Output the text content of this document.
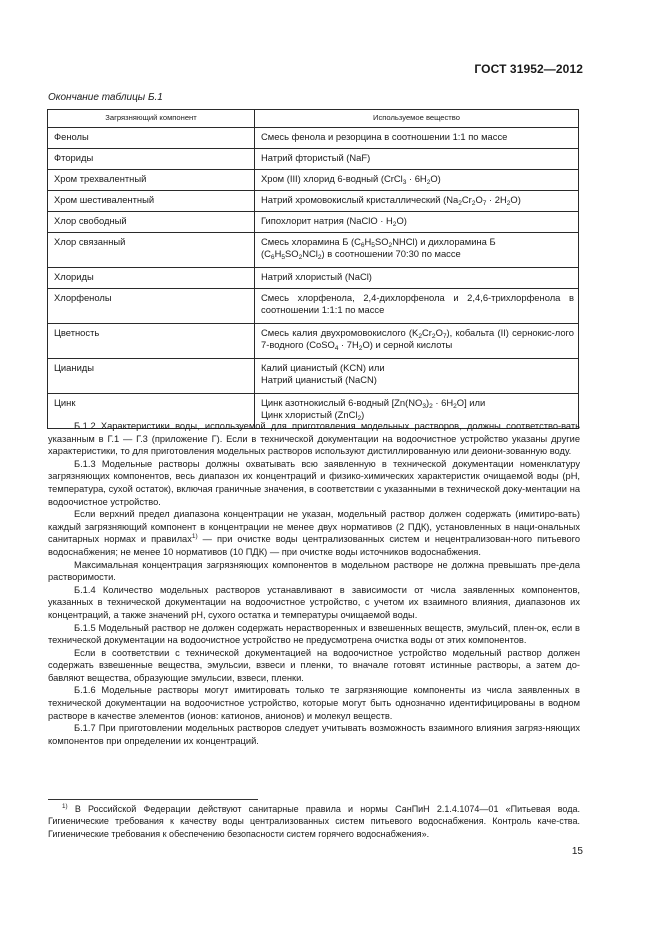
ГОСТ 31952—2012
Окончание таблицы Б.1
Загрязняющий компонент	Используемое вещество
Фенолы	Смесь фенола и резорцина в соотношении 1:1 по массе
Фториды	Натрий фтористый (NaF)
Хром трехвалентный	Хром (III) хлорид 6-водный (CrCl$_3$ · $6H_2O$)
Хром шестивалентный	Натрий хромовокислый кристаллический $(Na_2Cr_2O_7 \cdot 2H_2O)$
Хлор свободный	Гипохлорит натрия (NaClO · $H_2O$)
Хлор связанный	Смесь хлорамина Б $(C_6H_5SO_2NHCl)$ и дихлорамина Б
$(C_6H_5SO_2NCl_2)$ в соотношении 70:30 по массе
Хлориды	Натрий хлористый (NaCl)
Хлорфенолы	Смесь хлорфенола, 2,4-дихлорфенола и 2,4,6-трихлорфенола в соотношении 1:1:1 по массе
Цветность	Смесь калия двухромовокислого $(K_2Cr_2O_7)$, кобальта (II) сернокис-лого 7-водного (CoSO$_4$ · $7H_2O$) и серной кислоты
Цианиды	Калий цианистый (KCN) или
Натрий цианистый (NaCN)
Цинк	Цинк азотнокислый 6-водный $[Zn(NO_3)_2 \cdot 6H_2O]$ или
Цинк хлористый (ZnCl$_2$)

Б.1.2 Характеристики воды, используемой для приготовления модельных растворов, должны соответство-вать указанным в Г.1 — Г.3 (приложение Г). Если в технической документации на водоочистное устройство указаны другие характеристики, то для приготовления модельных растворов используют дистиллированную или деиони-зованную воду.

Б.1.3 Модельные растворы должны охватывать всю заявленную в технической документации номенклатуру загрязняющих компонентов, весь диапазон их концентраций и физико-химических характеристик очищаемой воды (рН, температура, сухой остаток), включая граничные значения, в соответствии с указанными в технической доку-ментации на водоочистное устройство.

Если верхний предел диапазона концентрации не указан, модельный раствор должен содержать (имитиро-вать) каждый загрязняющий компонент в концентрации не менее двух нормативов (2 ПДК), установленных в наци-ональных санитарных нормах и правилах$^{1)}$ — при очистке воды централизованных систем и нецентрализован-ного питьевого водоснабжения; не менее 10 нормативов (10 ПДК) — при очистке воды источников водоснабжения.

Максимальная концентрация загрязняющих компонентов в модельном растворе не должна превышать пре-дела растворимости.

Б.1.4 Количество модельных растворов устанавливают в зависимости от числа заявленных компонентов, указанных в технической документации на водоочистное устройство, с учетом их взаимного влияния, диапазонов их концентраций, а также значений рН, сухого остатка и температуры очищаемой воды.

Б.1.5 Модельный раствор не должен содержать нерастворенных и взвешенных веществ, эмульсий, плен-ок, если в технической документации на водоочистное устройство не предусмотрена очистка воды от этих компонентов.

Если в соответствии с технической документацией на водоочистное устройство модельный раствор должен содержать взвешенные вещества, эмульсии, взвеси и пленки, то вначале готовят истинные растворы, а затем до-бавляют вещества, образующие эмульсии, взвеси, пленки.

Б.1.6 Модельные растворы могут имитировать только те загрязняющие компоненты из числа заявленных в технической документации на водоочистное устройство, которые могут быть однозначно идентифицированы в водном растворе в качестве элементов (ионов: катионов, анионов) и молекул веществ.

Б.1.7 При приготовлении модельных растворов следует учитывать возможность взаимного влияния загряз-няющих компонентов при определении их концентраций.

$^{1)}$ В Российской Федерации действуют санитарные правила и нормы СанПиН 2.1.4.1074—01 «Питьевая вода. Гигиенические требования к качеству воды централизованных систем питьевого водоснабжения. Контроль каче-ства. Гигиенические требования к обеспечению безопасности систем горячего водоснабжения».
15
